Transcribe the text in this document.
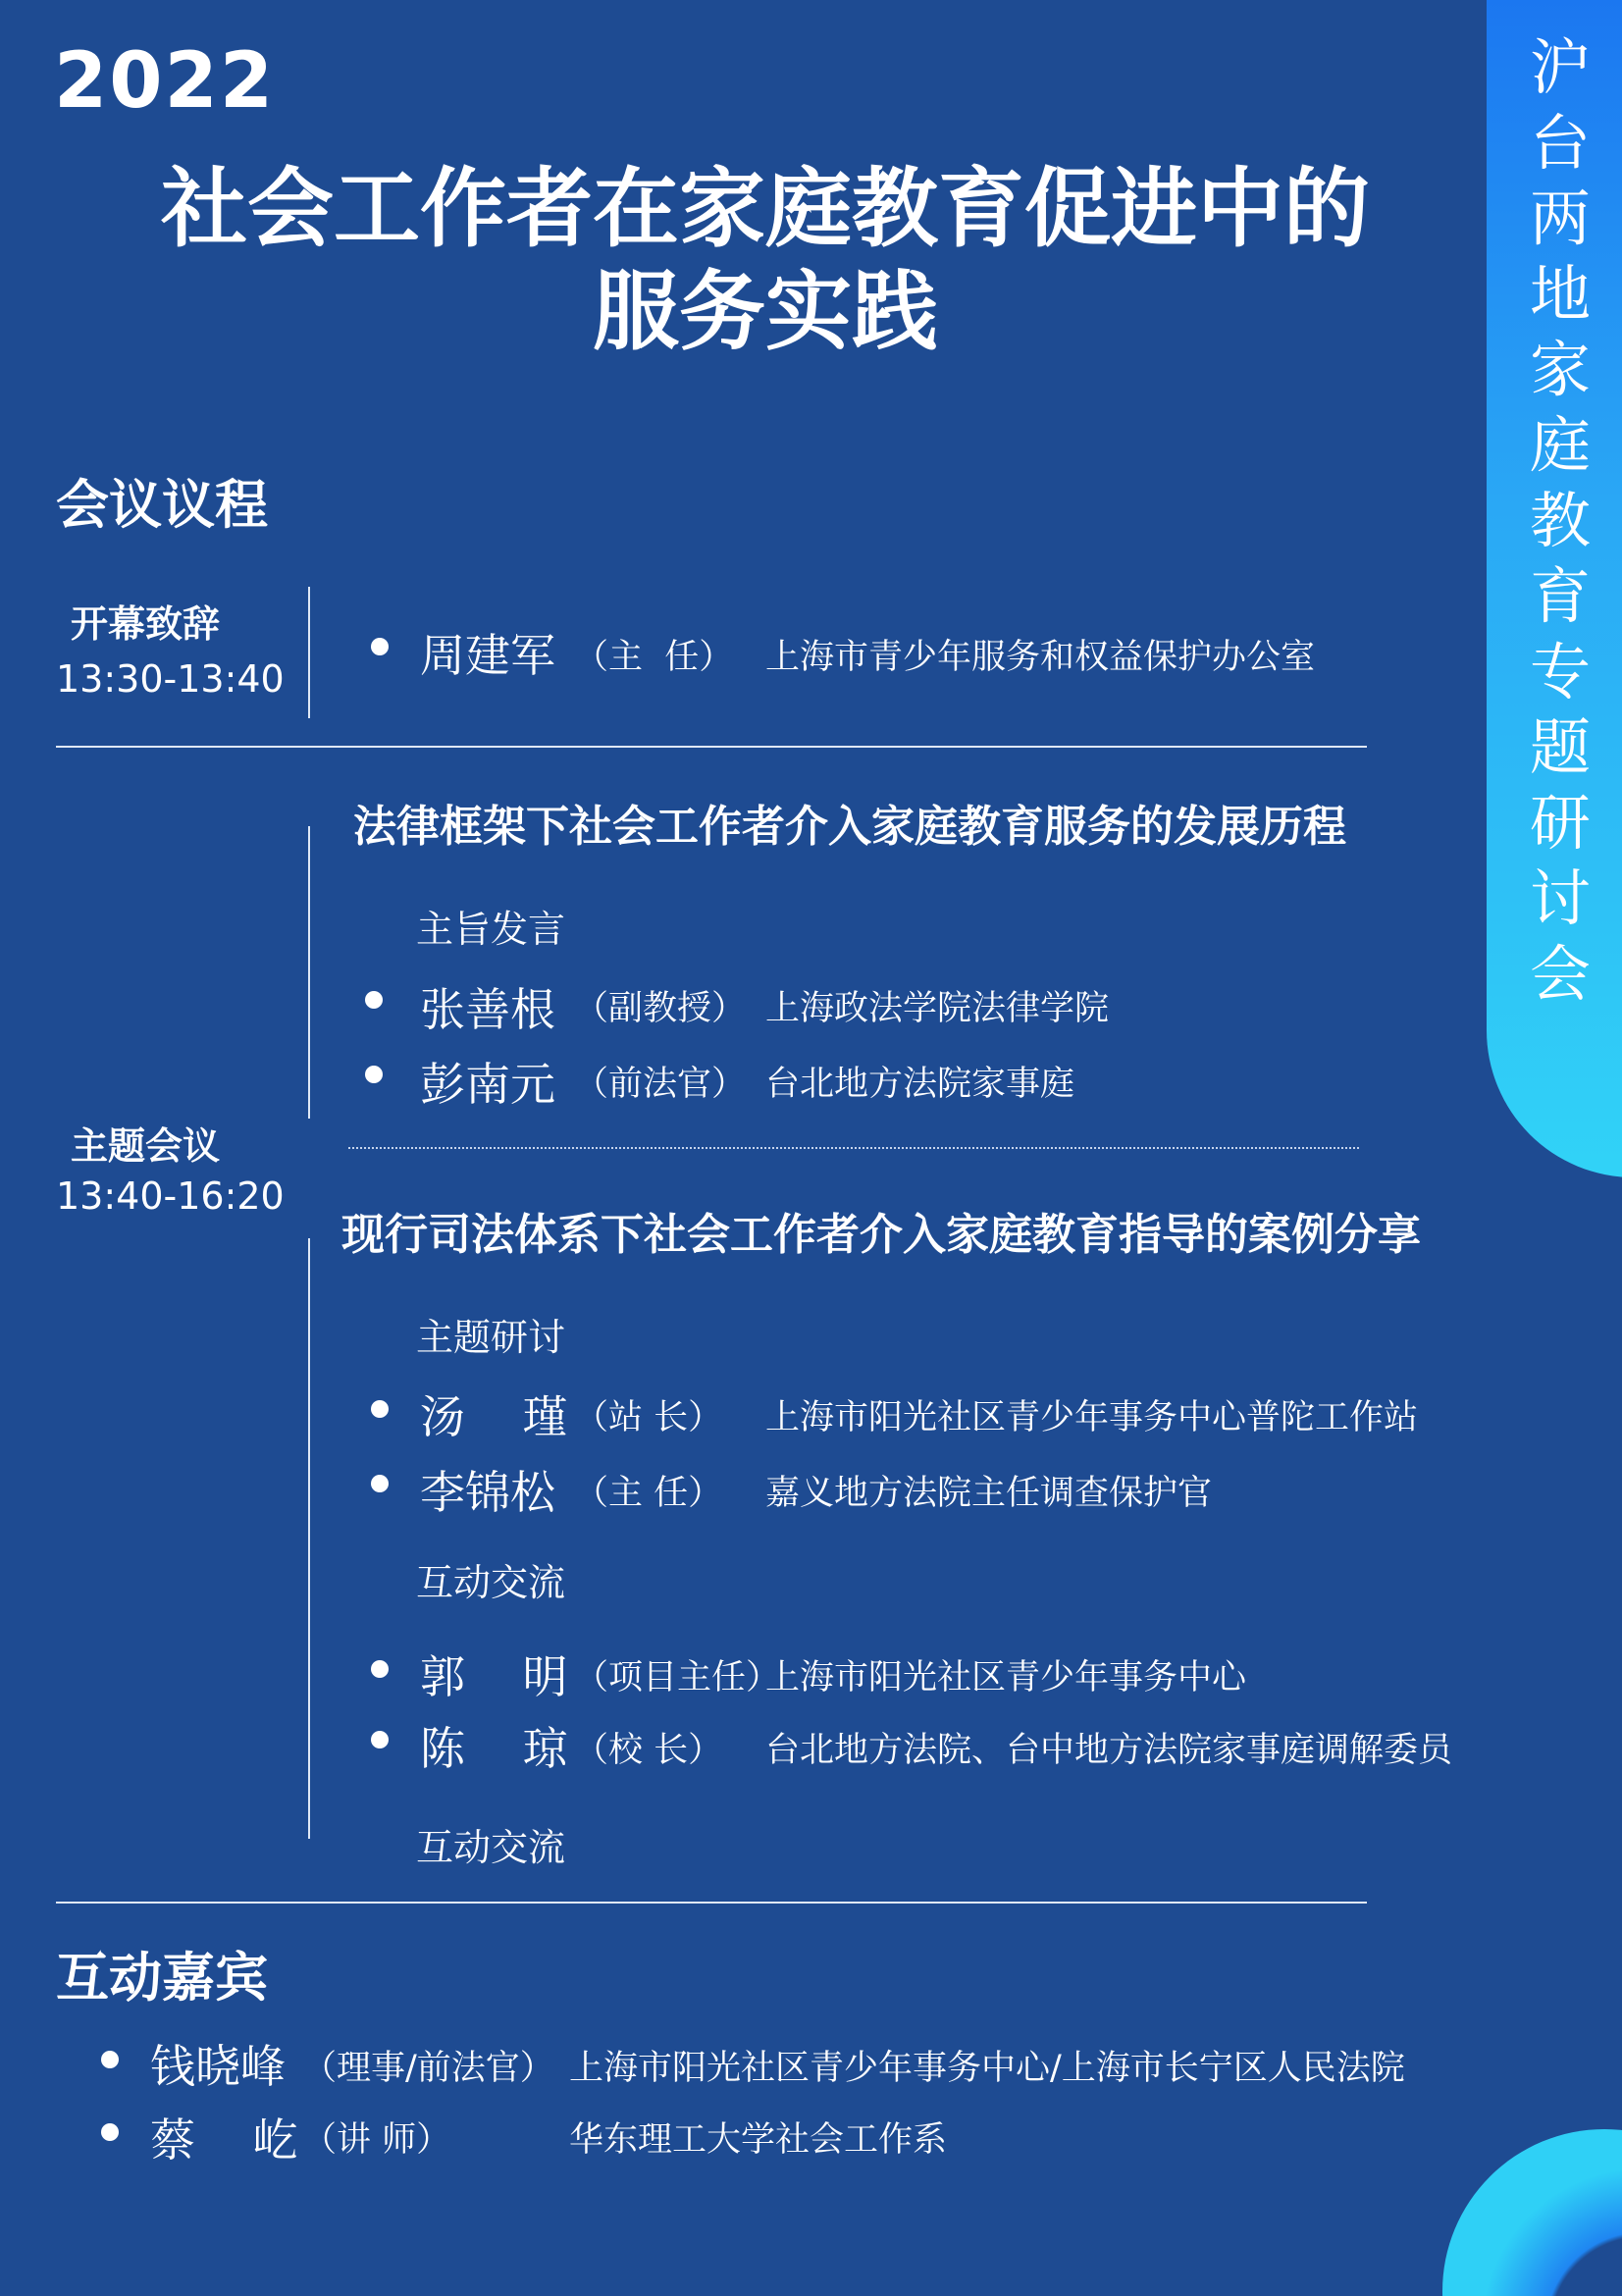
沪台两地家庭教育专题研讨会
2022
社会工作者在家庭教育促进中的
服务实践
会议议程
开幕致辞
13:30-13:40	周建军 （主  任） 上海市青少年服务和权益保护办公室
主题会议
13:40-16:20
法律框架下社会工作者介入家庭教育服务的发展历程
主旨发言
张善根 （副教授） 上海政法学院法律学院
彭南元 （前法官） 台北地方法院家事庭
现行司法体系下社会工作者介入家庭教育指导的案例分享
主题研讨
汤    瑾 （站 长） 上海市阳光社区青少年事务中心普陀工作站
李锦松 （主 任） 嘉义地方法院主任调查保护官
互动交流
郭    明 （项目主任）
上海市阳光社区青少年事务中心
陈    琼 （校 长） 台北地方法院、台中地方法院家事庭调解委员
互动交流
互动嘉宾
钱晓峰 （理事/前法官） 上海市阳光社区青少年事务中心/上海市长宁区人民法院
蔡    屹 （讲 师）	华东理工大学社会工作系
